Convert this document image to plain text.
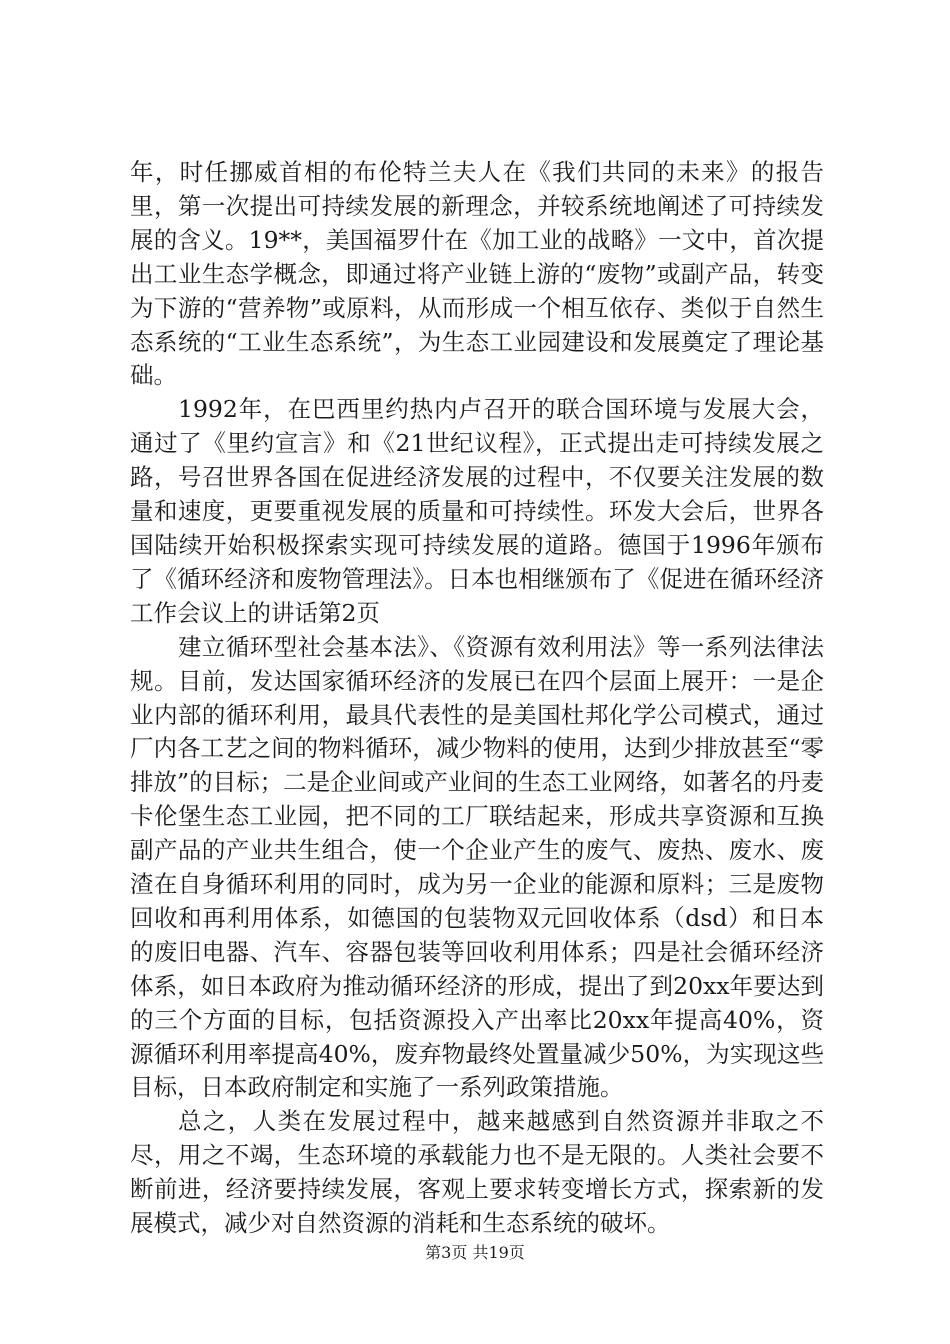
年，时任挪威首相的布伦特兰夫人在《我们共同的未来》的报告里，第一次提出可持续发展的新理念，并较系统地阐述了可持续发展的含义。19**，美国福罗什在《加工业的战略》一文中，首次提出工业生态学概念，即通过将产业链上游的“废物”或副产品，转变为下游的“营养物”或原料，从而形成一个相互依存、类似于自然生态系统的“工业生态系统”，为生态工业园建设和发展奠定了理论基础。

1992年，在巴西里约热内卢召开的联合国环境与发展大会，通过了《里约宣言》和《21世纪议程》，正式提出走可持续发展之路，号召世界各国在促进经济发展的过程中，不仅要关注发展的数量和速度，更要重视发展的质量和可持续性。环发大会后，世界各国陆续开始积极探索实现可持续发展的道路。德国于1996年颁布了《循环经济和废物管理法》。日本也相继颁布了《促进在循环经济工作会议上的讲话第2页

建立循环型社会基本法》、《资源有效利用法》等一系列法律法规。目前，发达国家循环经济的发展已在四个层面上展开：一是企业内部的循环利用，最具代表性的是美国杜邦化学公司模式，通过厂内各工艺之间的物料循环，减少物料的使用，达到少排放甚至“零排放”的目标；二是企业间或产业间的生态工业网络，如著名的丹麦卡伦堡生态工业园，把不同的工厂联结起来，形成共享资源和互换副产品的产业共生组合，使一个企业产生的废气、废热、废水、废渣在自身循环利用的同时，成为另一企业的能源和原料；三是废物回收和再利用体系，如德国的包装物双元回收体系（dsd）和日本的废旧电器、汽车、容器包装等回收利用体系；四是社会循环经济体系，如日本政府为推动循环经济的形成，提出了到20xx年要达到的三个方面的目标，包括资源投入产出率比20xx年提高40%，资源循环利用率提高40%，废弃物最终处置量减少50%，为实现这些目标，日本政府制定和实施了一系列政策措施。

总之，人类在发展过程中，越来越感到自然资源并非取之不尽，用之不竭，生态环境的承载能力也不是无限的。人类社会要不断前进，经济要持续发展，客观上要求转变增长方式，探索新的发展模式，减少对自然资源的消耗和生态系统的破坏。

第3页 共19页
